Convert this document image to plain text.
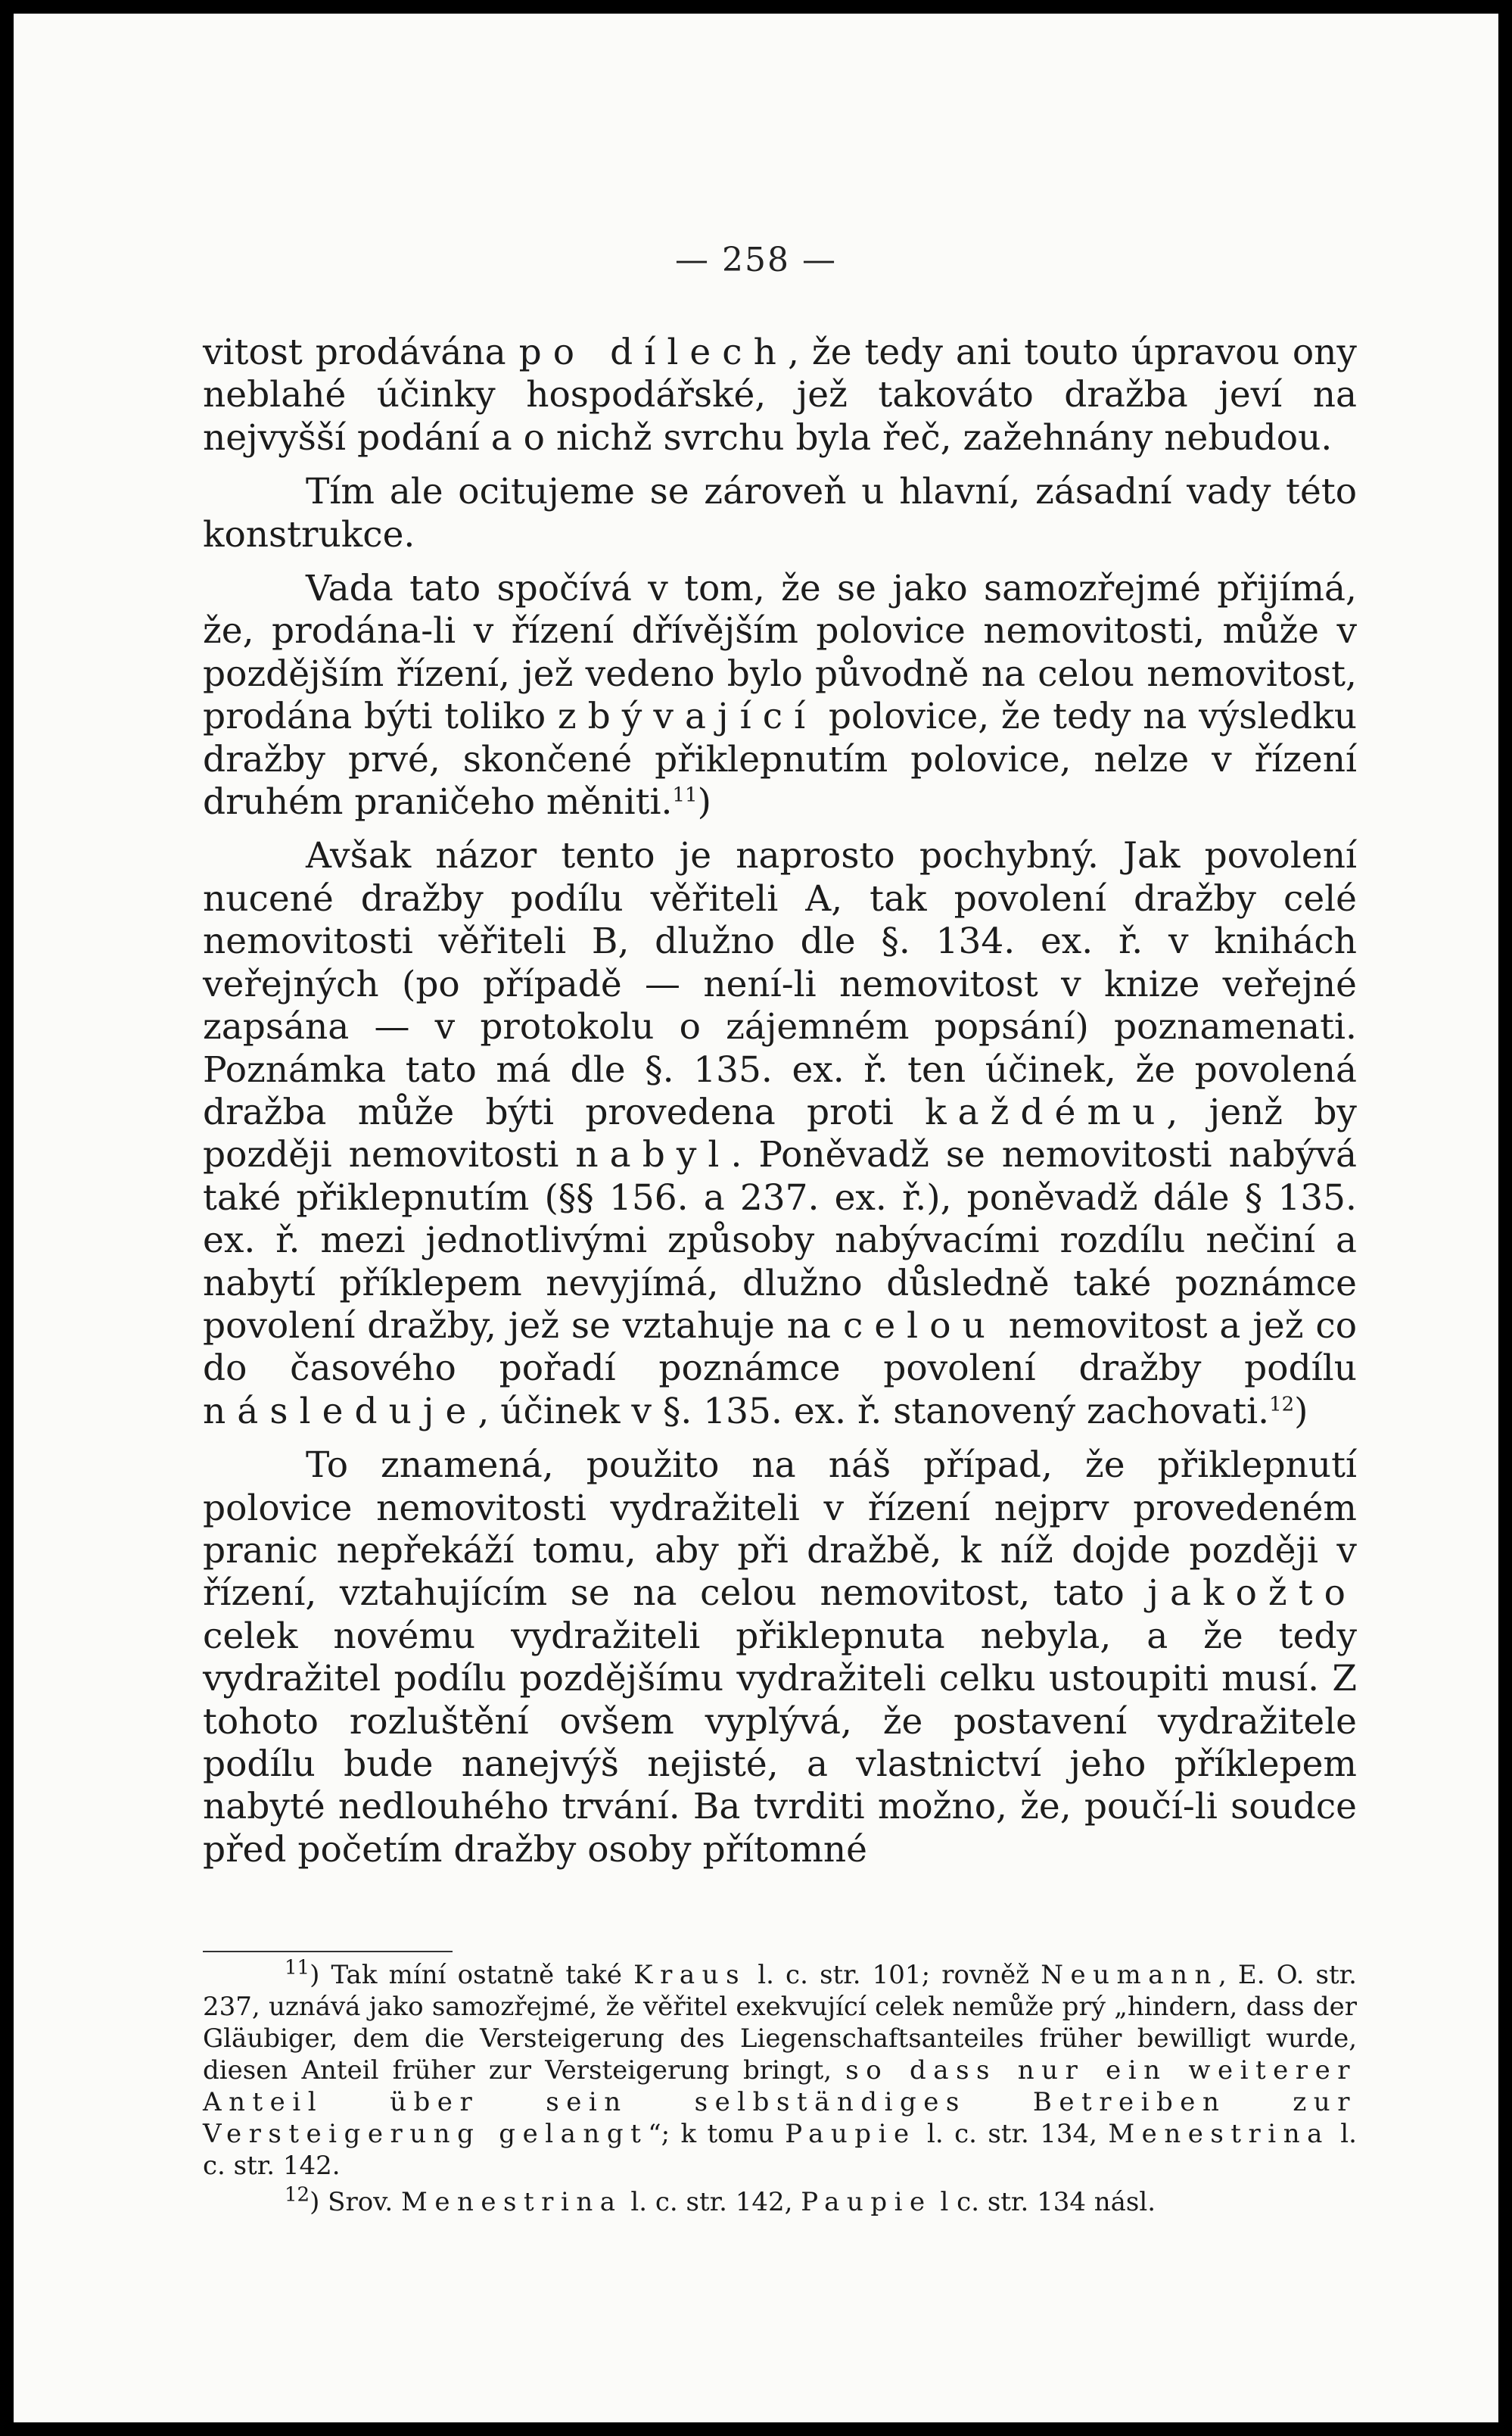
— 258 —

vitost prodávána po dílech, že tedy ani touto úpravou ony neblahé účinky hospodářské, jež takováto dražba jeví na nejvyšší podání a o nichž svrchu byla řeč, zažehnány nebudou.

Tím ale ocitujeme se zároveň u hlavní, zásadní vady této konstrukce.

Vada tato spočívá v tom, že se jako samozřejmé přijímá, že, prodána-li v řízení dřívějším polovice nemovitosti, může v pozdějším řízení, jež vedeno bylo původně na celou nemovitost, prodána býti toliko zbývající polovice, že tedy na výsledku dražby prvé, skončené přiklepnutím polovice, nelze v řízení druhém praničeho měniti.$^{11}$)

Avšak názor tento je naprosto pochybný. Jak povolení nucené dražby podílu věřiteli A, tak povolení dražby celé nemovitosti věřiteli B, dlužno dle §. 134. ex. ř. v knihách veřejných (po případě — není-li nemovitost v knize veřejné zapsána — v protokolu o zájemném popsání) poznamenati. Poznámka tato má dle §. 135. ex. ř. ten účinek, že povolená dražba může býti provedena proti každému, jenž by později nemovitosti nabyl. Poněvadž se nemovitosti nabývá také přiklepnutím (§§ 156. a 237. ex. ř.), poněvadž dále § 135. ex. ř. mezi jednotlivými způsoby nabývacími rozdílu nečiní a nabytí příklepem nevyjímá, dlužno důsledně také poznámce povolení dražby, jež se vztahuje na celou nemovitost a jež co do časového pořadí poznámce povolení dražby podílu následuje, účinek v §. 135. ex. ř. stanovený zachovati.$^{12}$)

To znamená, použito na náš případ, že přiklepnutí polovice nemovitosti vydražiteli v řízení nejprv provedeném pranic nepřekáží tomu, aby při dražbě, k níž dojde později v řízení, vztahujícím se na celou nemovitost, tato jakožto celek novému vydražiteli přiklepnuta nebyla, a že tedy vydražitel podílu pozdějšímu vydražiteli celku ustoupiti musí. Z tohoto rozluštění ovšem vyplývá, že postavení vydražitele podílu bude nanejvýš nejisté, a vlastnictví jeho příklepem nabyté nedlouhého trvání. Ba tvrditi možno, že, poučí-li soudce před početím dražby osoby přítomné

$^{11}$) Tak míní ostatně také Kraus l. c. str. 101; rovněž Neumann, E. O. str. 237, uznává jako samozřejmé, že věřitel exekvující celek nemůže prý „hindern, dass der Gläubiger, dem die Versteigerung des Liegenschaftsanteiles früher bewilligt wurde, diesen Anteil früher zur Versteigerung bringt, so dass nur ein weiterer Anteil über sein selbständiges Betreiben zur Versteigerung gelangt“; k tomu Paupie l. c. str. 134, Menestrina l. c. str. 142.

$^{12}$) Srov. Menestrina l. c. str. 142, Paupie l c. str. 134 násl.
